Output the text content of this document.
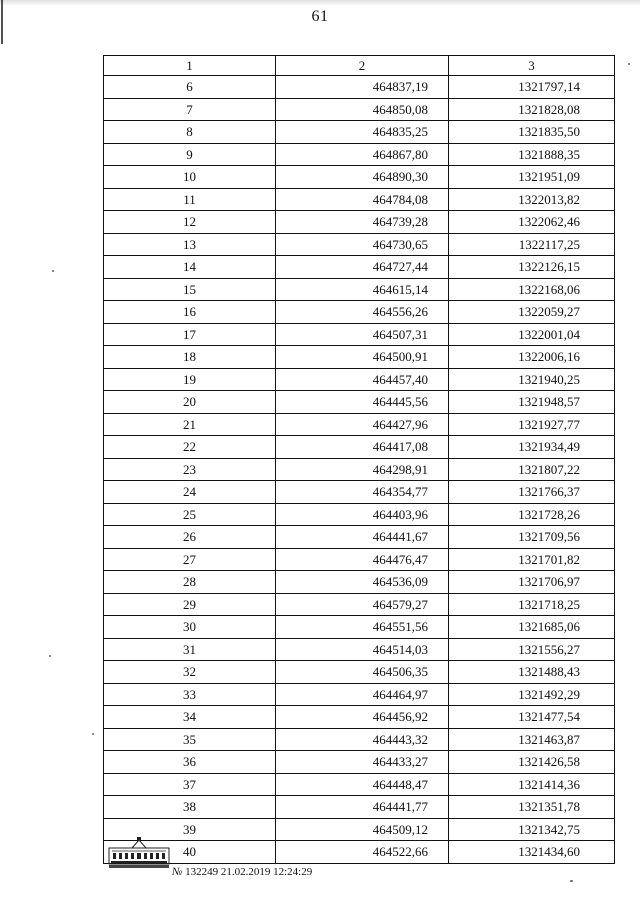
61
1	2	3
6	464837,19	1321797,14
7	464850,08	1321828,08
8	464835,25	1321835,50
9	464867,80	1321888,35
10	464890,30	1321951,09
11	464784,08	1322013,82
12	464739,28	1322062,46
13	464730,65	1322117,25
14	464727,44	1322126,15
15	464615,14	1322168,06
16	464556,26	1322059,27
17	464507,31	1322001,04
18	464500,91	1322006,16
19	464457,40	1321940,25
20	464445,56	1321948,57
21	464427,96	1321927,77
22	464417,08	1321934,49
23	464298,91	1321807,22
24	464354,77	1321766,37
25	464403,96	1321728,26
26	464441,67	1321709,56
27	464476,47	1321701,82
28	464536,09	1321706,97
29	464579,27	1321718,25
30	464551,56	1321685,06
31	464514,03	1321556,27
32	464506,35	1321488,43
33	464464,97	1321492,29
34	464456,92	1321477,54
35	464443,32	1321463,87
36	464433,27	1321426,58
37	464448,47	1321414,36
38	464441,77	1321351,78
39	464509,12	1321342,75
40	464522,66	1321434,60
№ 132249 21.02.2019 12:24:29
